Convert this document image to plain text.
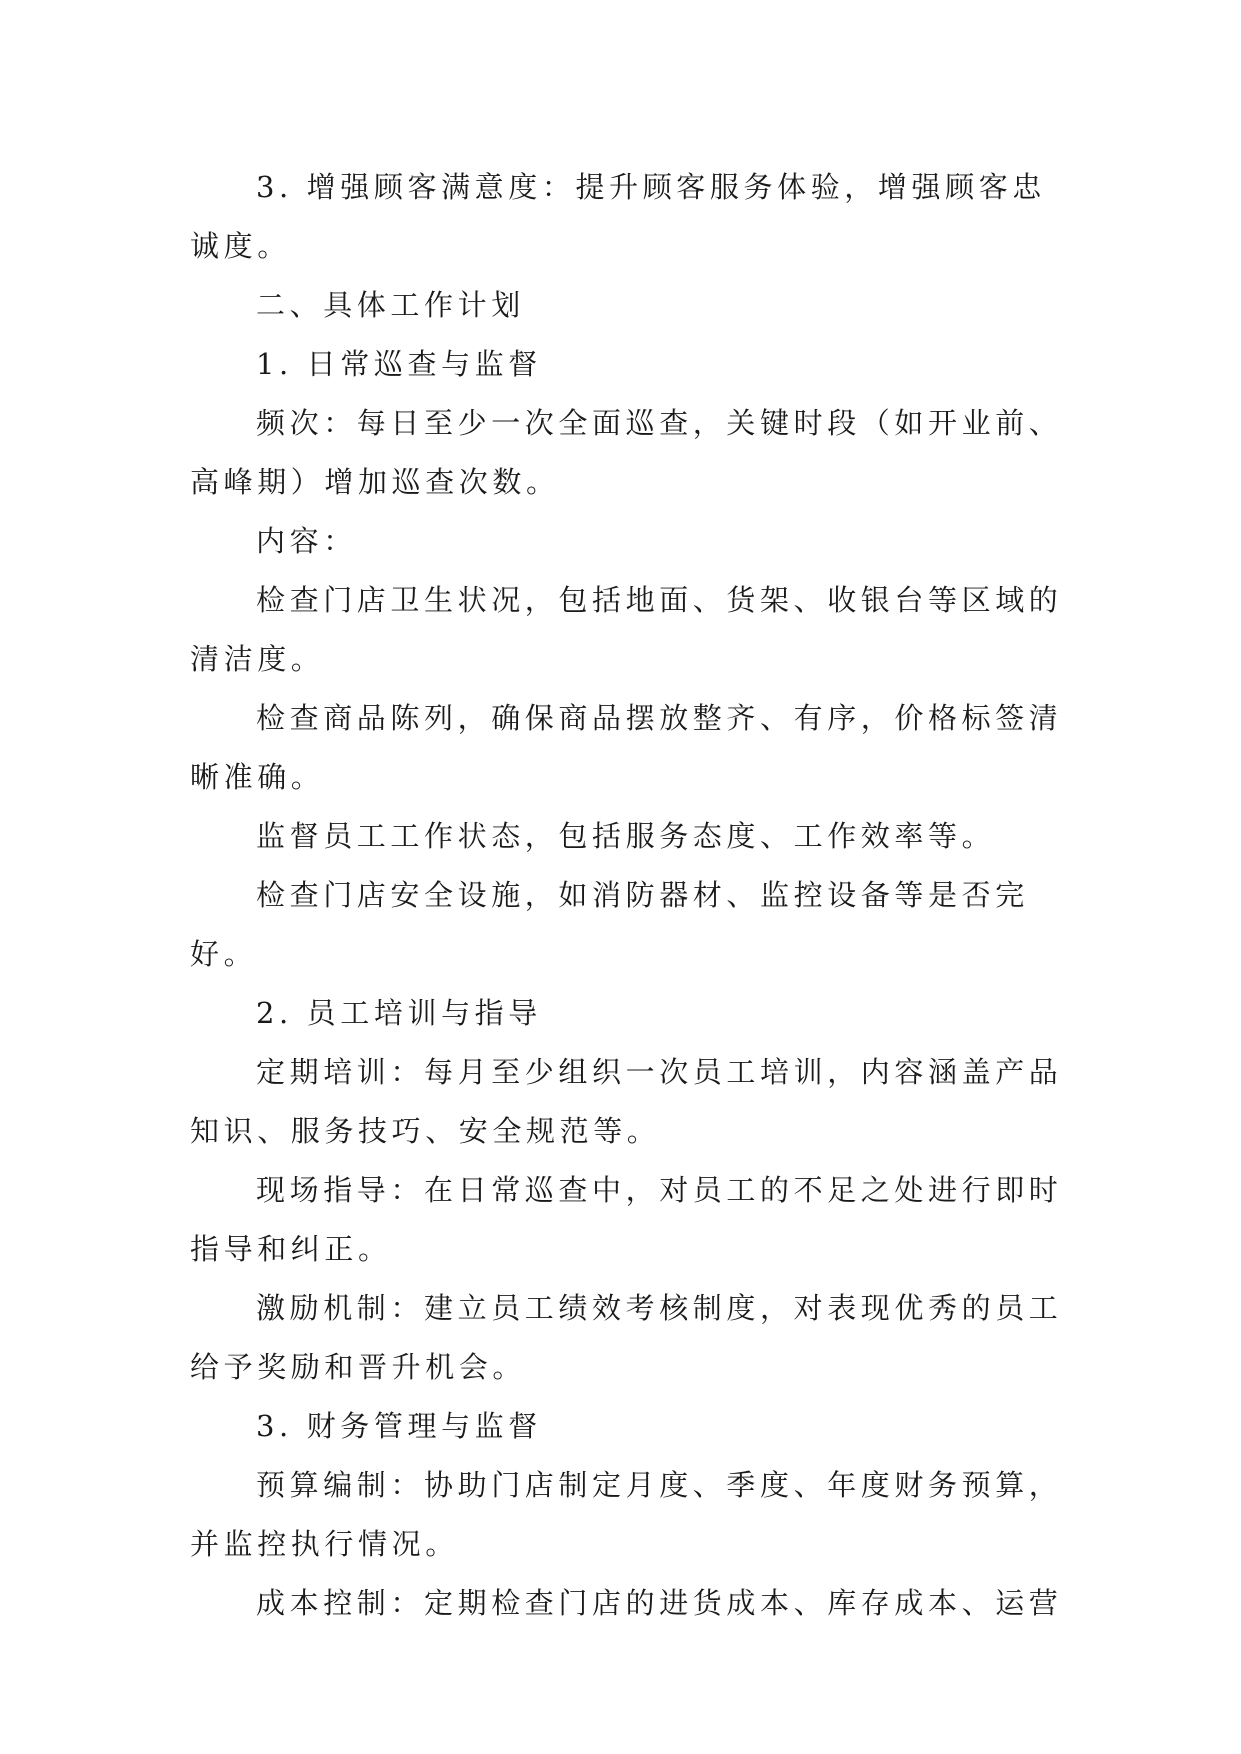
3. 增强顾客满意度：提升顾客服务体验，增强顾客忠诚度。

二、具体工作计划

1. 日常巡查与监督

频次：每日至少一次全面巡查，关键时段（如开业前、高峰期）增加巡查次数。

内容：

检查门店卫生状况，包括地面、货架、收银台等区域的清洁度。

检查商品陈列，确保商品摆放整齐、有序，价格标签清晰准确。

监督员工工作状态，包括服务态度、工作效率等。

检查门店安全设施，如消防器材、监控设备等是否完好。

2. 员工培训与指导

定期培训：每月至少组织一次员工培训，内容涵盖产品知识、服务技巧、安全规范等。

现场指导：在日常巡查中，对员工的不足之处进行即时指导和纠正。

激励机制：建立员工绩效考核制度，对表现优秀的员工给予奖励和晋升机会。

3. 财务管理与监督

预算编制：协助门店制定月度、季度、年度财务预算，并监控执行情况。

成本控制：定期检查门店的进货成本、库存成本、运营
